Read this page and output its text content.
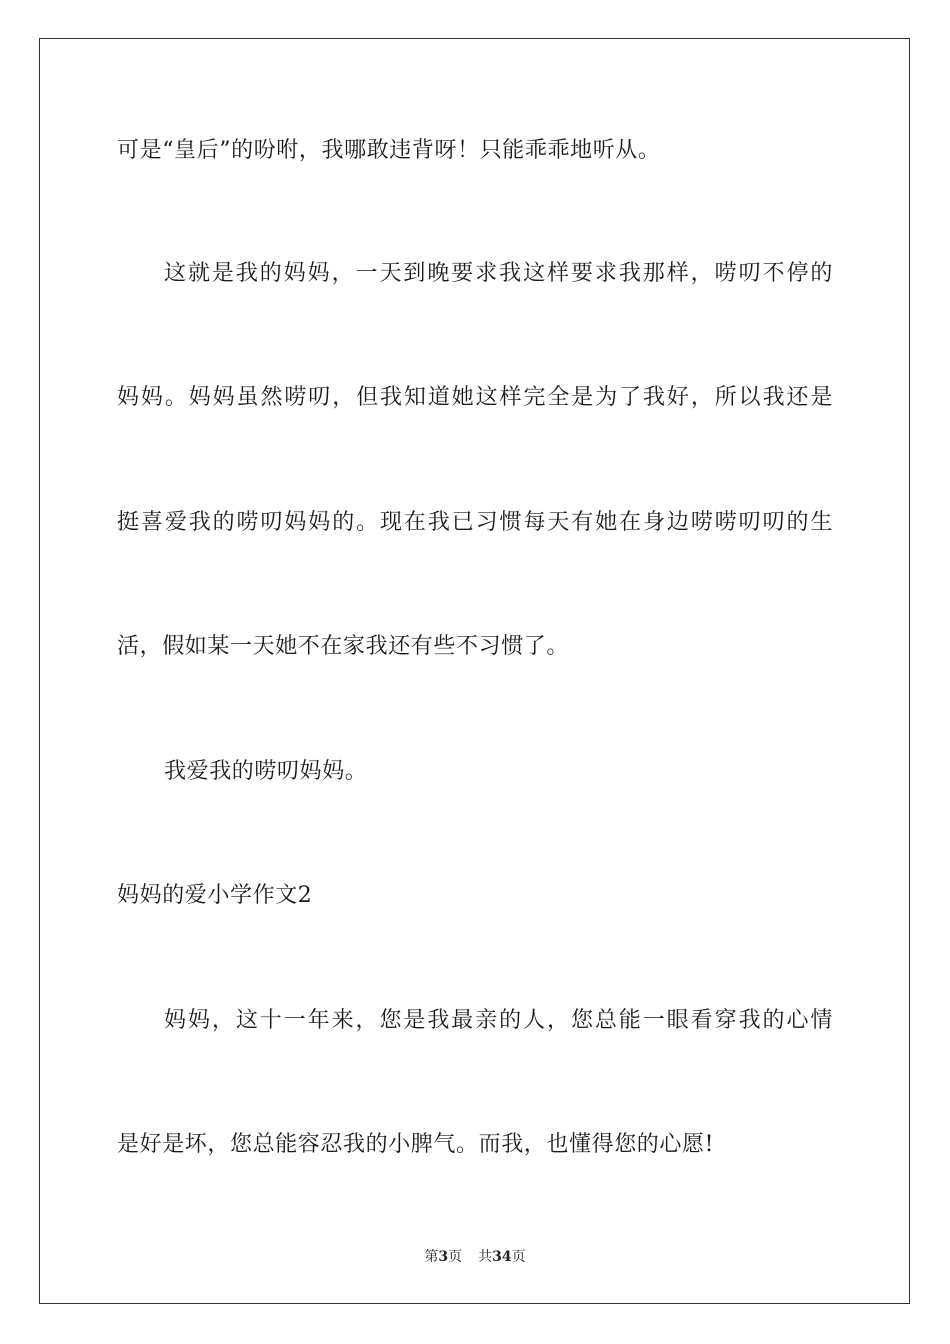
可是“皇后”的吩咐，我哪敢违背呀！只能乖乖地听从。
这就是我的妈妈，一天到晚要求我这样要求我那样，唠叨不停的
妈妈。妈妈虽然唠叨，但我知道她这样完全是为了我好，所以我还是
挺喜爱我的唠叨妈妈的。现在我已习惯每天有她在身边唠唠叨叨的生
活，假如某一天她不在家我还有些不习惯了。
我爱我的唠叨妈妈。
妈妈的爱小学作文2
妈妈，这十一年来，您是我最亲的人，您总能一眼看穿我的心情
是好是坏，您总能容忍我的小脾气。而我，也懂得您的心愿!
第3页 共34页
